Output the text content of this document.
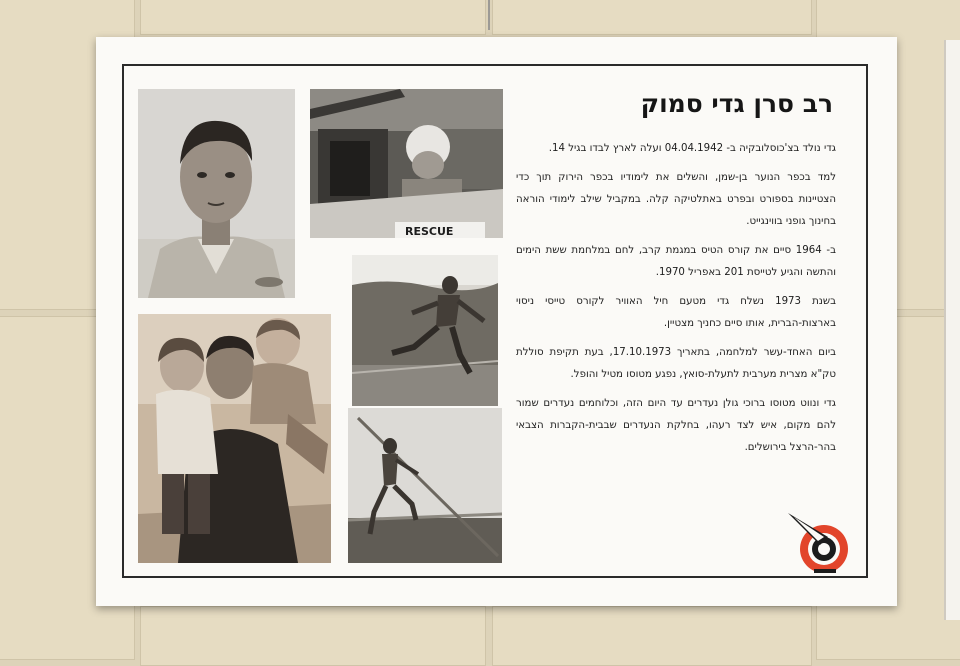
רב סרן גדי סמוק

גדי נולד בצ'כוסלובקיה ב- 04.04.1942 ועלה לארץ לבדו בגיל 14.

למד בכפר הנוער בן-שמן, והשלים את לימודיו בכפר הירוק תוך כדי הצטיינות בספורט ובפרט באתלטיקה קלה. במקביל שילב לימודי הוראה בחינוך גופני בווינגייט.

ב- 1964 סיים את קורס הטיס במגמת קרב, לחם במלחמת ששת הימים והתשה והגיע לטייסת 201 באפריל 1970.

בשנת 1973 נשלח גדי מטעם חיל האוויר לקורס טייסי ניסוי בארצות-הברית, אותו סיים כחניך מצטיין.

ביום האחד-עשר למלחמה, בתאריך 17.10.1973, בעת תקיפת סוללת טק"א מצרית מערבית לתעלת-סואץ, נפגע מטוסו מטיל והופל.

גדי ונווט מטוסו ברוכי גולן נעדרים עד היום הזה, וכלוחמים נעדרים שמור להם מקום, איש לצד רעהו, בחלקת הנעדרים שבבית-הקברות הצבאי בהר-הרצל בירושלים.

RESCUE
